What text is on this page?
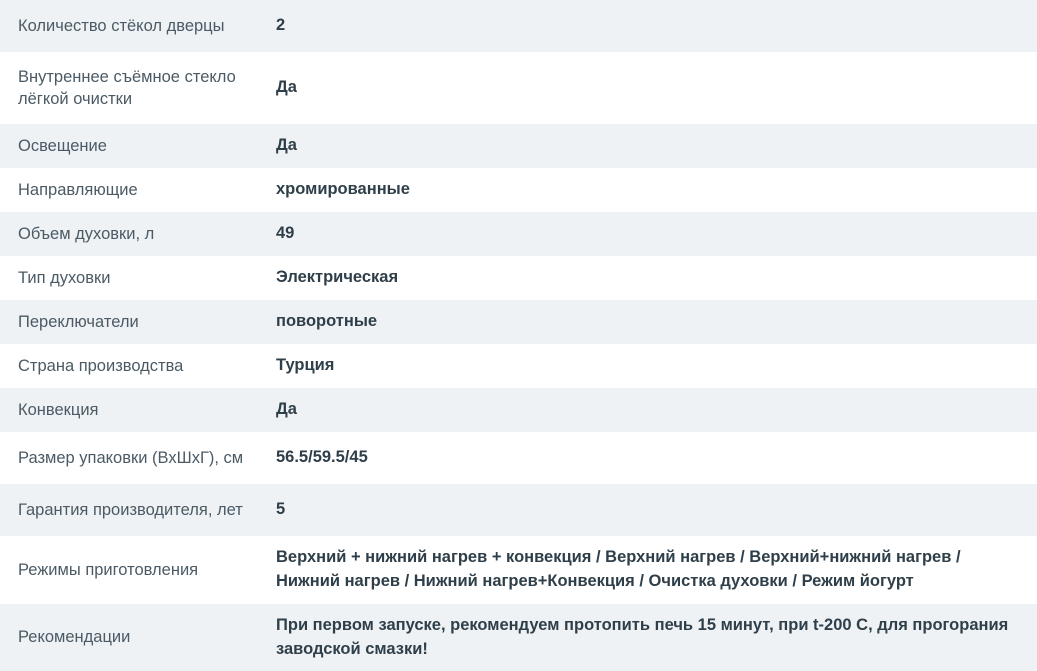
Количество стёкол дверцы	2
Внутреннее съёмное стекло лёгкой очистки	Да
Освещение	Да
Направляющие	хромированные
Объем духовки, л	49
Тип духовки	Электрическая
Переключатели	поворотные
Страна производства	Турция
Конвекция	Да
Размер упаковки (ВхШхГ), см	56.5/59.5/45
Гарантия производителя, лет	5
Режимы приготовления	Верхний + нижний нагрев + конвекция / Верхний нагрев / Верхний+нижний нагрев / Нижний нагрев / Нижний нагрев+Конвекция / Очистка духовки / Режим йогурт
Рекомендации	При первом запуске, рекомендуем протопить печь 15 минут, при t-200 C, для прогорания заводской смазки!
